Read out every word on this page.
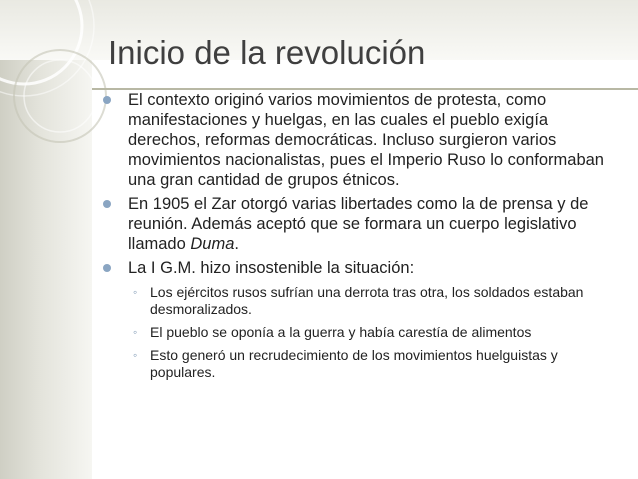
Inicio de la revolución
El contexto originó varios movimientos de protesta, como manifestaciones y huelgas, en las cuales el pueblo exigía derechos, reformas democráticas. Incluso surgieron varios movimientos nacionalistas, pues el Imperio Ruso lo conformaban una gran cantidad de grupos étnicos.
En 1905 el Zar otorgó varias libertades como la de prensa y de reunión. Además aceptó que se formara un cuerpo legislativo llamado Duma.
La I G.M. hizo insostenible la situación:
◦ Los ejércitos rusos sufrían una derrota tras otra, los soldados estaban desmoralizados.
◦ El pueblo se oponía a la guerra y había carestía de alimentos
◦ Esto generó un recrudecimiento de los movimientos huelguistas y populares.
